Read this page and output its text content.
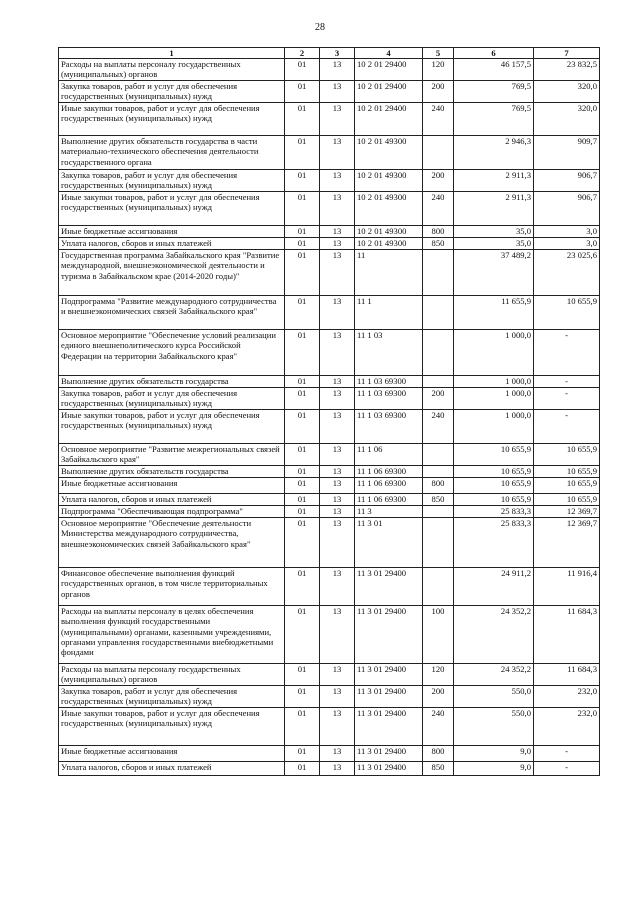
28
1	2	3	4	5	6	7
Расходы на выплаты персоналу государственных (муниципальных) органов	01	13	10 2 01 29400	120	46 157,5	23 832,5
Закупка товаров, работ и услуг для обеспечения государственных (муниципальных) нужд	01	13	10 2 01 29400	200	769,5	320,0
Иные закупки товаров, работ и услуг для обеспечения государственных (муниципальных) нужд	01	13	10 2 01 29400	240	769,5	320,0
Выполнение других обязательств государства в части материально-технического обеспечения деятельности государственного органа	01	13	10 2 01 49300		2 946,3	909,7
Закупка товаров, работ и услуг для обеспечения государственных (муниципальных) нужд	01	13	10 2 01 49300	200	2 911,3	906,7
Иные закупки товаров, работ и услуг для обеспечения государственных (муниципальных) нужд	01	13	10 2 01 49300	240	2 911,3	906,7
Иные бюджетные ассигнования	01	13	10 2 01 49300	800	35,0	3,0
Уплата налогов, сборов и иных платежей	01	13	10 2 01 49300	850	35,0	3,0
Государственная программа Забайкальского края "Развитие международной, внешнеэкономической деятельности и туризма в Забайкальском крае (2014-2020 годы)"	01	13	11		37 489,2	23 025,6
Подпрограмма "Развитие международного сотрудничества и внешнеэкономических связей Забайкальского края"	01	13	11 1		11 655,9	10 655,9
Основное мероприятие "Обеспечение условий реализации единого внешнеполитического курса Российской Федерации на территории Забайкальского края"	01	13	11 1 03		1 000,0	-
Выполнение других обязательств государства	01	13	11 1 03 69300		1 000,0	-
Закупка товаров, работ и услуг для обеспечения государственных (муниципальных) нужд	01	13	11 1 03 69300	200	1 000,0	-
Иные закупки товаров, работ и услуг для обеспечения государственных (муниципальных) нужд	01	13	11 1 03 69300	240	1 000,0	-
Основное мероприятие "Развитие межрегиональных связей Забайкальского края"	01	13	11 1 06		10 655,9	10 655,9
Выполнение других обязательств государства	01	13	11 1 06 69300		10 655,9	10 655,9
Иные бюджетные ассигнования	01	13	11 1 06 69300	800	10 655,9	10 655,9
Уплата налогов, сборов и иных платежей	01	13	11 1 06 69300	850	10 655,9	10 655,9
Подпрограмма "Обеспечивающая подпрограмма"	01	13	11 3		25 833,3	12 369,7
Основное мероприятие "Обеспечение деятельности Министерства международного сотрудничества, внешнеэкономических связей Забайкальского края"	01	13	11 3 01		25 833,3	12 369,7
Финансовое обеспечение выполнения функций государственных органов, в том числе территориальных органов	01	13	11 3 01 29400		24 911,2	11 916,4
Расходы на выплаты персоналу в целях обеспечения выполнения функций государственными (муниципальными) органами, казенными учреждениями, органами управления государственными внебюджетными фондами	01	13	11 3 01 29400	100	24 352,2	11 684,3
Расходы на выплаты персоналу государственных (муниципальных) органов	01	13	11 3 01 29400	120	24 352,2	11 684,3
Закупка товаров, работ и услуг для обеспечения государственных (муниципальных) нужд	01	13	11 3 01 29400	200	550,0	232,0
Иные закупки товаров, работ и услуг для обеспечения государственных (муниципальных) нужд	01	13	11 3 01 29400	240	550,0	232,0
Иные бюджетные ассигнования	01	13	11 3 01 29400	800	9,0	-
Уплата налогов, сборов и иных платежей	01	13	11 3 01 29400	850	9,0	-
